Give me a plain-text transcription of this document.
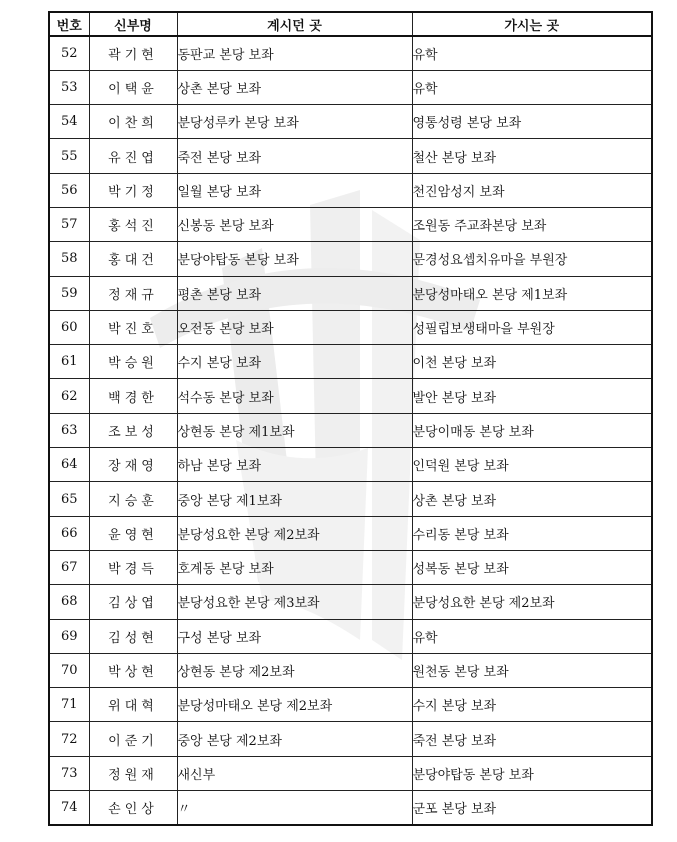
번호	신부명	계시던 곳	가시는 곳
52	곽기현	동판교 본당 보좌	유학
53	이택윤	상촌 본당 보좌	유학
54	이찬희	분당성루카 본당 보좌	영통성령 본당 보좌
55	유진엽	죽전 본당 보좌	철산 본당 보좌
56	박기정	일월 본당 보좌	천진암성지 보좌
57	홍석진	신봉동 본당 보좌	조원동 주교좌본당 보좌
58	홍대건	분당야탑동 본당 보좌	문경성요셉치유마을 부원장
59	정재규	평촌 본당 보좌	분당성마태오 본당 제1보좌
60	박진호	오전동 본당 보좌	성필립보생태마을 부원장
61	박승원	수지 본당 보좌	이천 본당 보좌
62	백경한	석수동 본당 보좌	발안 본당 보좌
63	조보성	상현동 본당 제1보좌	분당이매동 본당 보좌
64	장재영	하남 본당 보좌	인덕원 본당 보좌
65	지승훈	중앙 본당 제1보좌	상촌 본당 보좌
66	윤영현	분당성요한 본당 제2보좌	수리동 본당 보좌
67	박경득	호계동 본당 보좌	성복동 본당 보좌
68	김상엽	분당성요한 본당 제3보좌	분당성요한 본당 제2보좌
69	김성현	구성 본당 보좌	유학
70	박상현	상현동 본당 제2보좌	원천동 본당 보좌
71	위대혁	분당성마태오 본당 제2보좌	수지 본당 보좌
72	이준기	중앙 본당 제2보좌	죽전 본당 보좌
73	정원재	새신부	분당야탑동 본당 보좌
74	손인상	〃	군포 본당 보좌
